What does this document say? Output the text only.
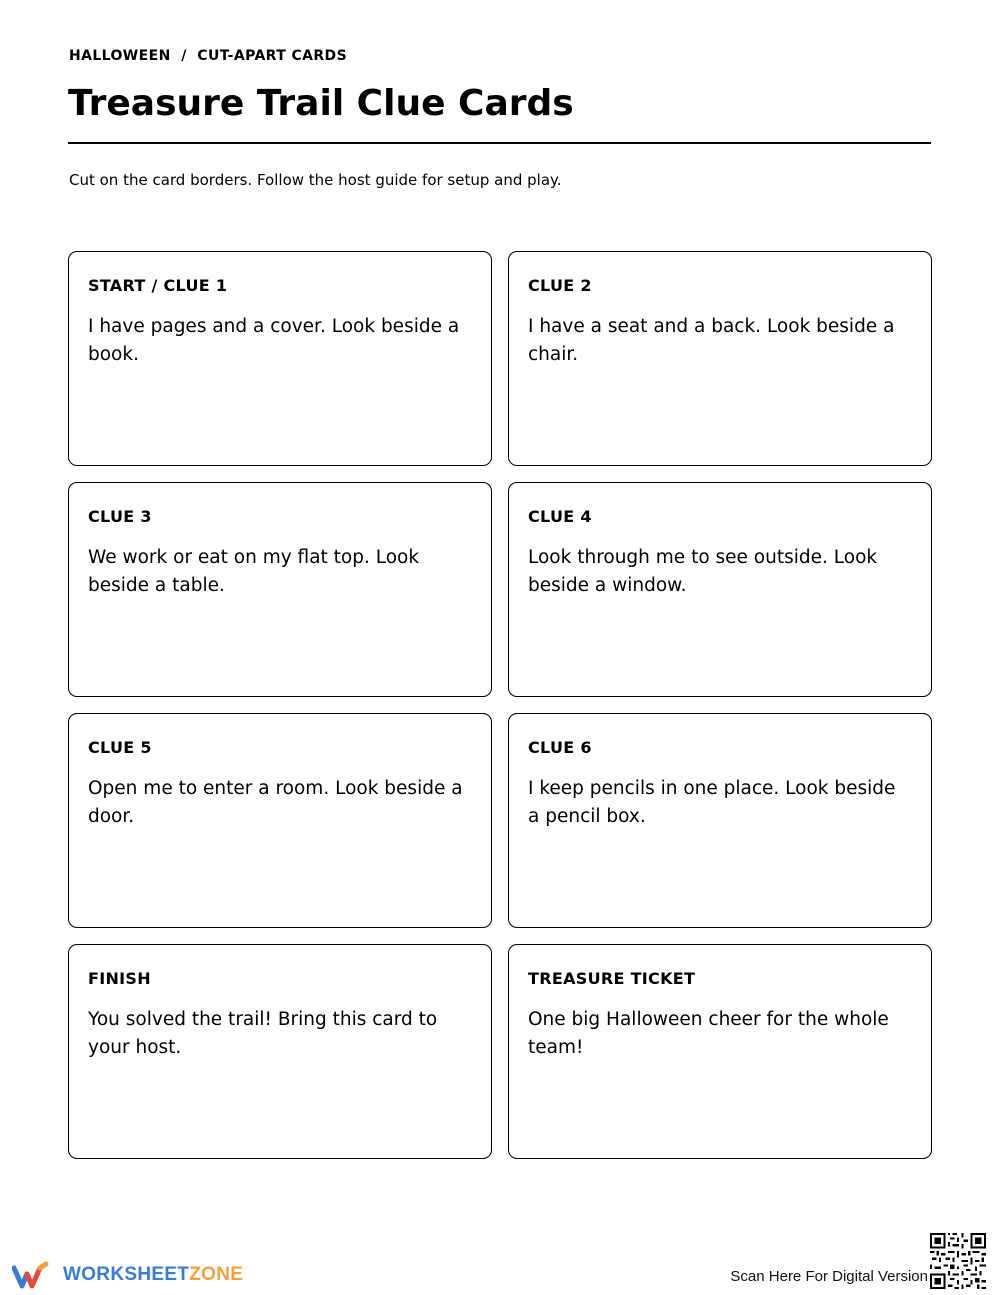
HALLOWEEN  /  CUT-APART CARDS
Treasure Trail Clue Cards
Cut on the card borders. Follow the host guide for setup and play.
START / CLUE 1
I have pages and a cover. Look beside a book.
CLUE 2
I have a seat and a back. Look beside a chair.
CLUE 3
We work or eat on my flat top. Look beside a table.
CLUE 4
Look through me to see outside. Look beside a window.
CLUE 5
Open me to enter a room. Look beside a door.
CLUE 6
I keep pencils in one place. Look beside a pencil box.
FINISH
You solved the trail! Bring this card to your host.
TREASURE TICKET
One big Halloween cheer for the whole team!
WORKSHEETZONE	Scan Here For Digital Version
